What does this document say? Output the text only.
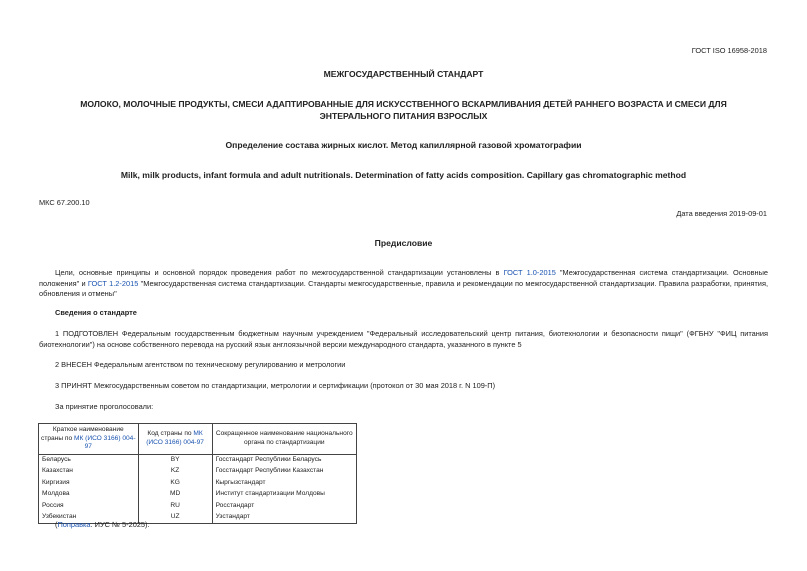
ГОСТ ISO 16958-2018
МЕЖГОСУДАРСТВЕННЫЙ СТАНДАРТ
МОЛОКО, МОЛОЧНЫЕ ПРОДУКТЫ, СМЕСИ АДАПТИРОВАННЫЕ ДЛЯ ИСКУССТВЕННОГО ВСКАРМЛИВАНИЯ ДЕТЕЙ РАННЕГО ВОЗРАСТА И СМЕСИ ДЛЯ
ЭНТЕРАЛЬНОГО ПИТАНИЯ ВЗРОСЛЫХ
Определение состава жирных кислот. Метод капиллярной газовой хроматографии
Milk, milk products, infant formula and adult nutritionals. Determination of fatty acids composition. Capillary gas chromatographic method
МКС 67.200.10
Дата введения 2019-09-01
Предисловие
Цели, основные принципы и основной порядок проведения работ по межгосударственной стандартизации установлены в ГОСТ 1.0-2015 "Межгосударственная система стандартизации. Основные положения" и ГОСТ 1.2-2015 "Межгосударственная система стандартизации. Стандарты межгосударственные, правила и рекомендации по межгосударственной стандартизации. Правила разработки, принятия, обновления и отмены"
Сведения о стандарте
1 ПОДГОТОВЛЕН Федеральным государственным бюджетным научным учреждением "Федеральный исследовательский центр питания, биотехнологии и безопасности пищи" (ФГБНУ "ФИЦ питания биотехнологии") на основе собственного перевода на русский язык англоязычной версии международного стандарта, указанного в пункте 5
2 ВНЕСЕН Федеральным агентством по техническому регулированию и метрологии
3 ПРИНЯТ Межгосударственным советом по стандартизации, метрологии и сертификации (протокол от 30 мая 2018 г. N 109-П)
За принятие проголосовали:
Краткое наименование страны по МК (ИСО 3166) 004-97	Код страны по МК (ИСО 3166) 004-97	Сокращенное наименование национального органа по стандартизации
Беларусь	BY	Госстандарт Республики Беларусь
Казахстан	KZ	Госстандарт Республики Казахстан
Киргизия	KG	Кыргызстандарт
Молдова	MD	Институт стандартизации Молдовы
Россия	RU	Росстандарт
Узбекистан	UZ	Узстандарт
(Поправка. ИУС № 5-2025).
